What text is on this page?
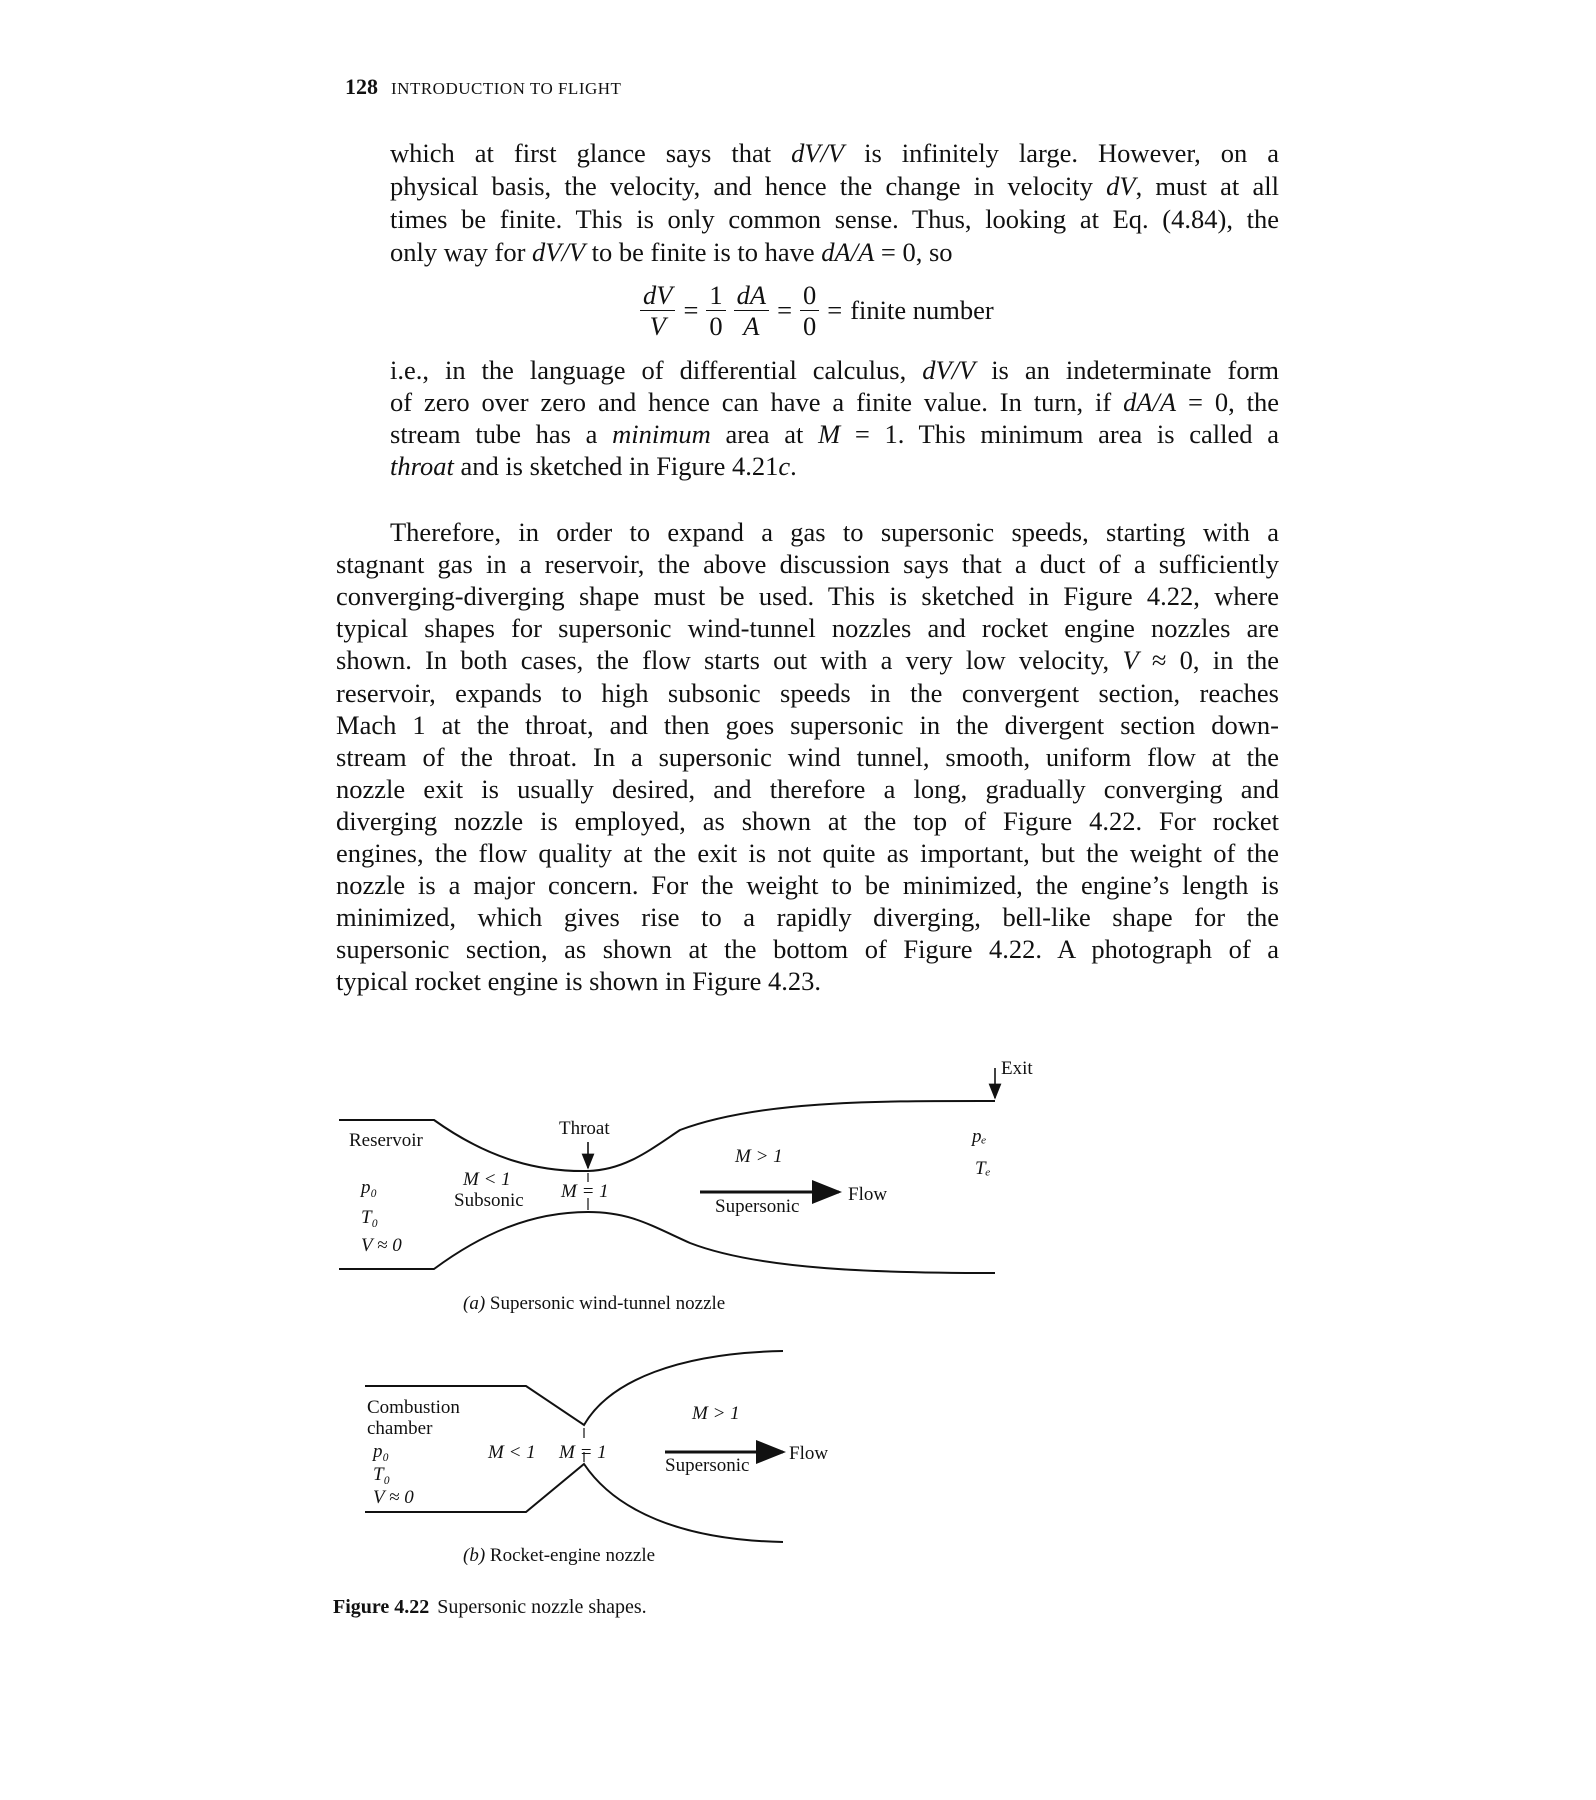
128 INTRODUCTION TO FLIGHT
which at first glance says that dV/V is infinitely large. However, on a
physical basis, the velocity, and hence the change in velocity dV, must at all
times be finite. This is only common sense. Thus, looking at Eq. (4.84), the
only way for dV/V to be finite is to have dA/A = 0, so
$\frac{dV}{V} = \frac{1}{0} \frac{dA}{A} = \frac{0}{0}$ = finite number
i.e., in the language of differential calculus, dV/V is an indeterminate form
of zero over zero and hence can have a finite value. In turn, if dA/A = 0, the
stream tube has a minimum area at M = 1. This minimum area is called a
throat and is sketched in Figure 4.21c.
Therefore, in order to expand a gas to supersonic speeds, starting with a
stagnant gas in a reservoir, the above discussion says that a duct of a sufficiently
converging-diverging shape must be used. This is sketched in Figure 4.22, where
typical shapes for supersonic wind-tunnel nozzles and rocket engine nozzles are
shown. In both cases, the flow starts out with a very low velocity, V ≈ 0, in the
reservoir, expands to high subsonic speeds in the convergent section, reaches
Mach 1 at the throat, and then goes supersonic in the divergent section down-
stream of the throat. In a supersonic wind tunnel, smooth, uniform flow at the
nozzle exit is usually desired, and therefore a long, gradually converging and
diverging nozzle is employed, as shown at the top of Figure 4.22. For rocket
engines, the flow quality at the exit is not quite as important, but the weight of the
nozzle is a major concern. For the weight to be minimized, the engine’s length is
minimized, which gives rise to a rapidly diverging, bell-like shape for the
supersonic section, as shown at the bottom of Figure 4.22. A photograph of a
typical rocket engine is shown in Figure 4.23.
Exit
Reservoir
Throat
p₀
T₀
V ≈ 0
M < 1
Subsonic M = 1
M > 1
Flow
Supersonic
pₑ
Tₑ
(a) Supersonic wind-tunnel nozzle
Combustion
chamber
p₀
T₀
V ≈ 0
M < 1 M = 1
M > 1
Flow
Supersonic
(b) Rocket-engine nozzle
Figure 4.22 Supersonic nozzle shapes.
